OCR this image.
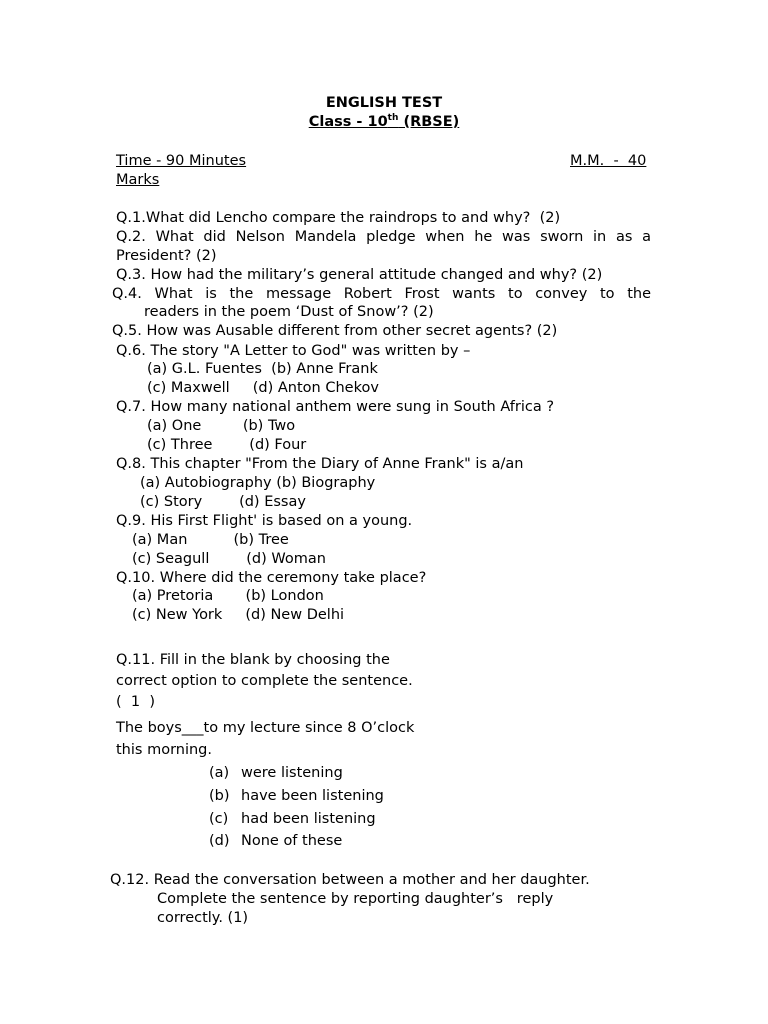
ENGLISH TEST
Class - 10th (RBSE)
Time - 90 Minutes	M.M.  -  40
Marks
Q.1.What did Lencho compare the raindrops to and why?  (2)
Q.2. What did Nelson Mandela pledge when he was sworn in as a
President? (2)
Q.3. How had the military’s general attitude changed and why? (2)
Q.4. What is the message Robert Frost wants to convey to the
readers in the poem ‘Dust of Snow’? (2)
Q.5. How was Ausable different from other secret agents? (2)
Q.6. The story "A Letter to God" was written by –
(a) G.L. Fuentes  (b) Anne Frank
(c) Maxwell     (d) Anton Chekov
Q.7. How many national anthem were sung in South Africa ?
(a) One         (b) Two
(c) Three        (d) Four
Q.8. This chapter "From the Diary of Anne Frank" is a/an
(a) Autobiography (b) Biography
(c) Story        (d) Essay
Q.9. His First Flight' is based on a young.
(a) Man          (b) Tree
(c) Seagull        (d) Woman
Q.10. Where did the ceremony take place?
(a) Pretoria       (b) London
(c) New York     (d) New Delhi
Q.11. Fill in the blank by choosing the
correct option to complete the sentence.
(  1  )
The boys___to my lecture since 8 O’clock
this morning.
(a) were listening
(b) have been listening
(c) had been listening
(d) None of these
Q.12. Read the conversation between a mother and her daughter.
Complete the sentence by reporting daughter’s   reply
correctly. (1)
